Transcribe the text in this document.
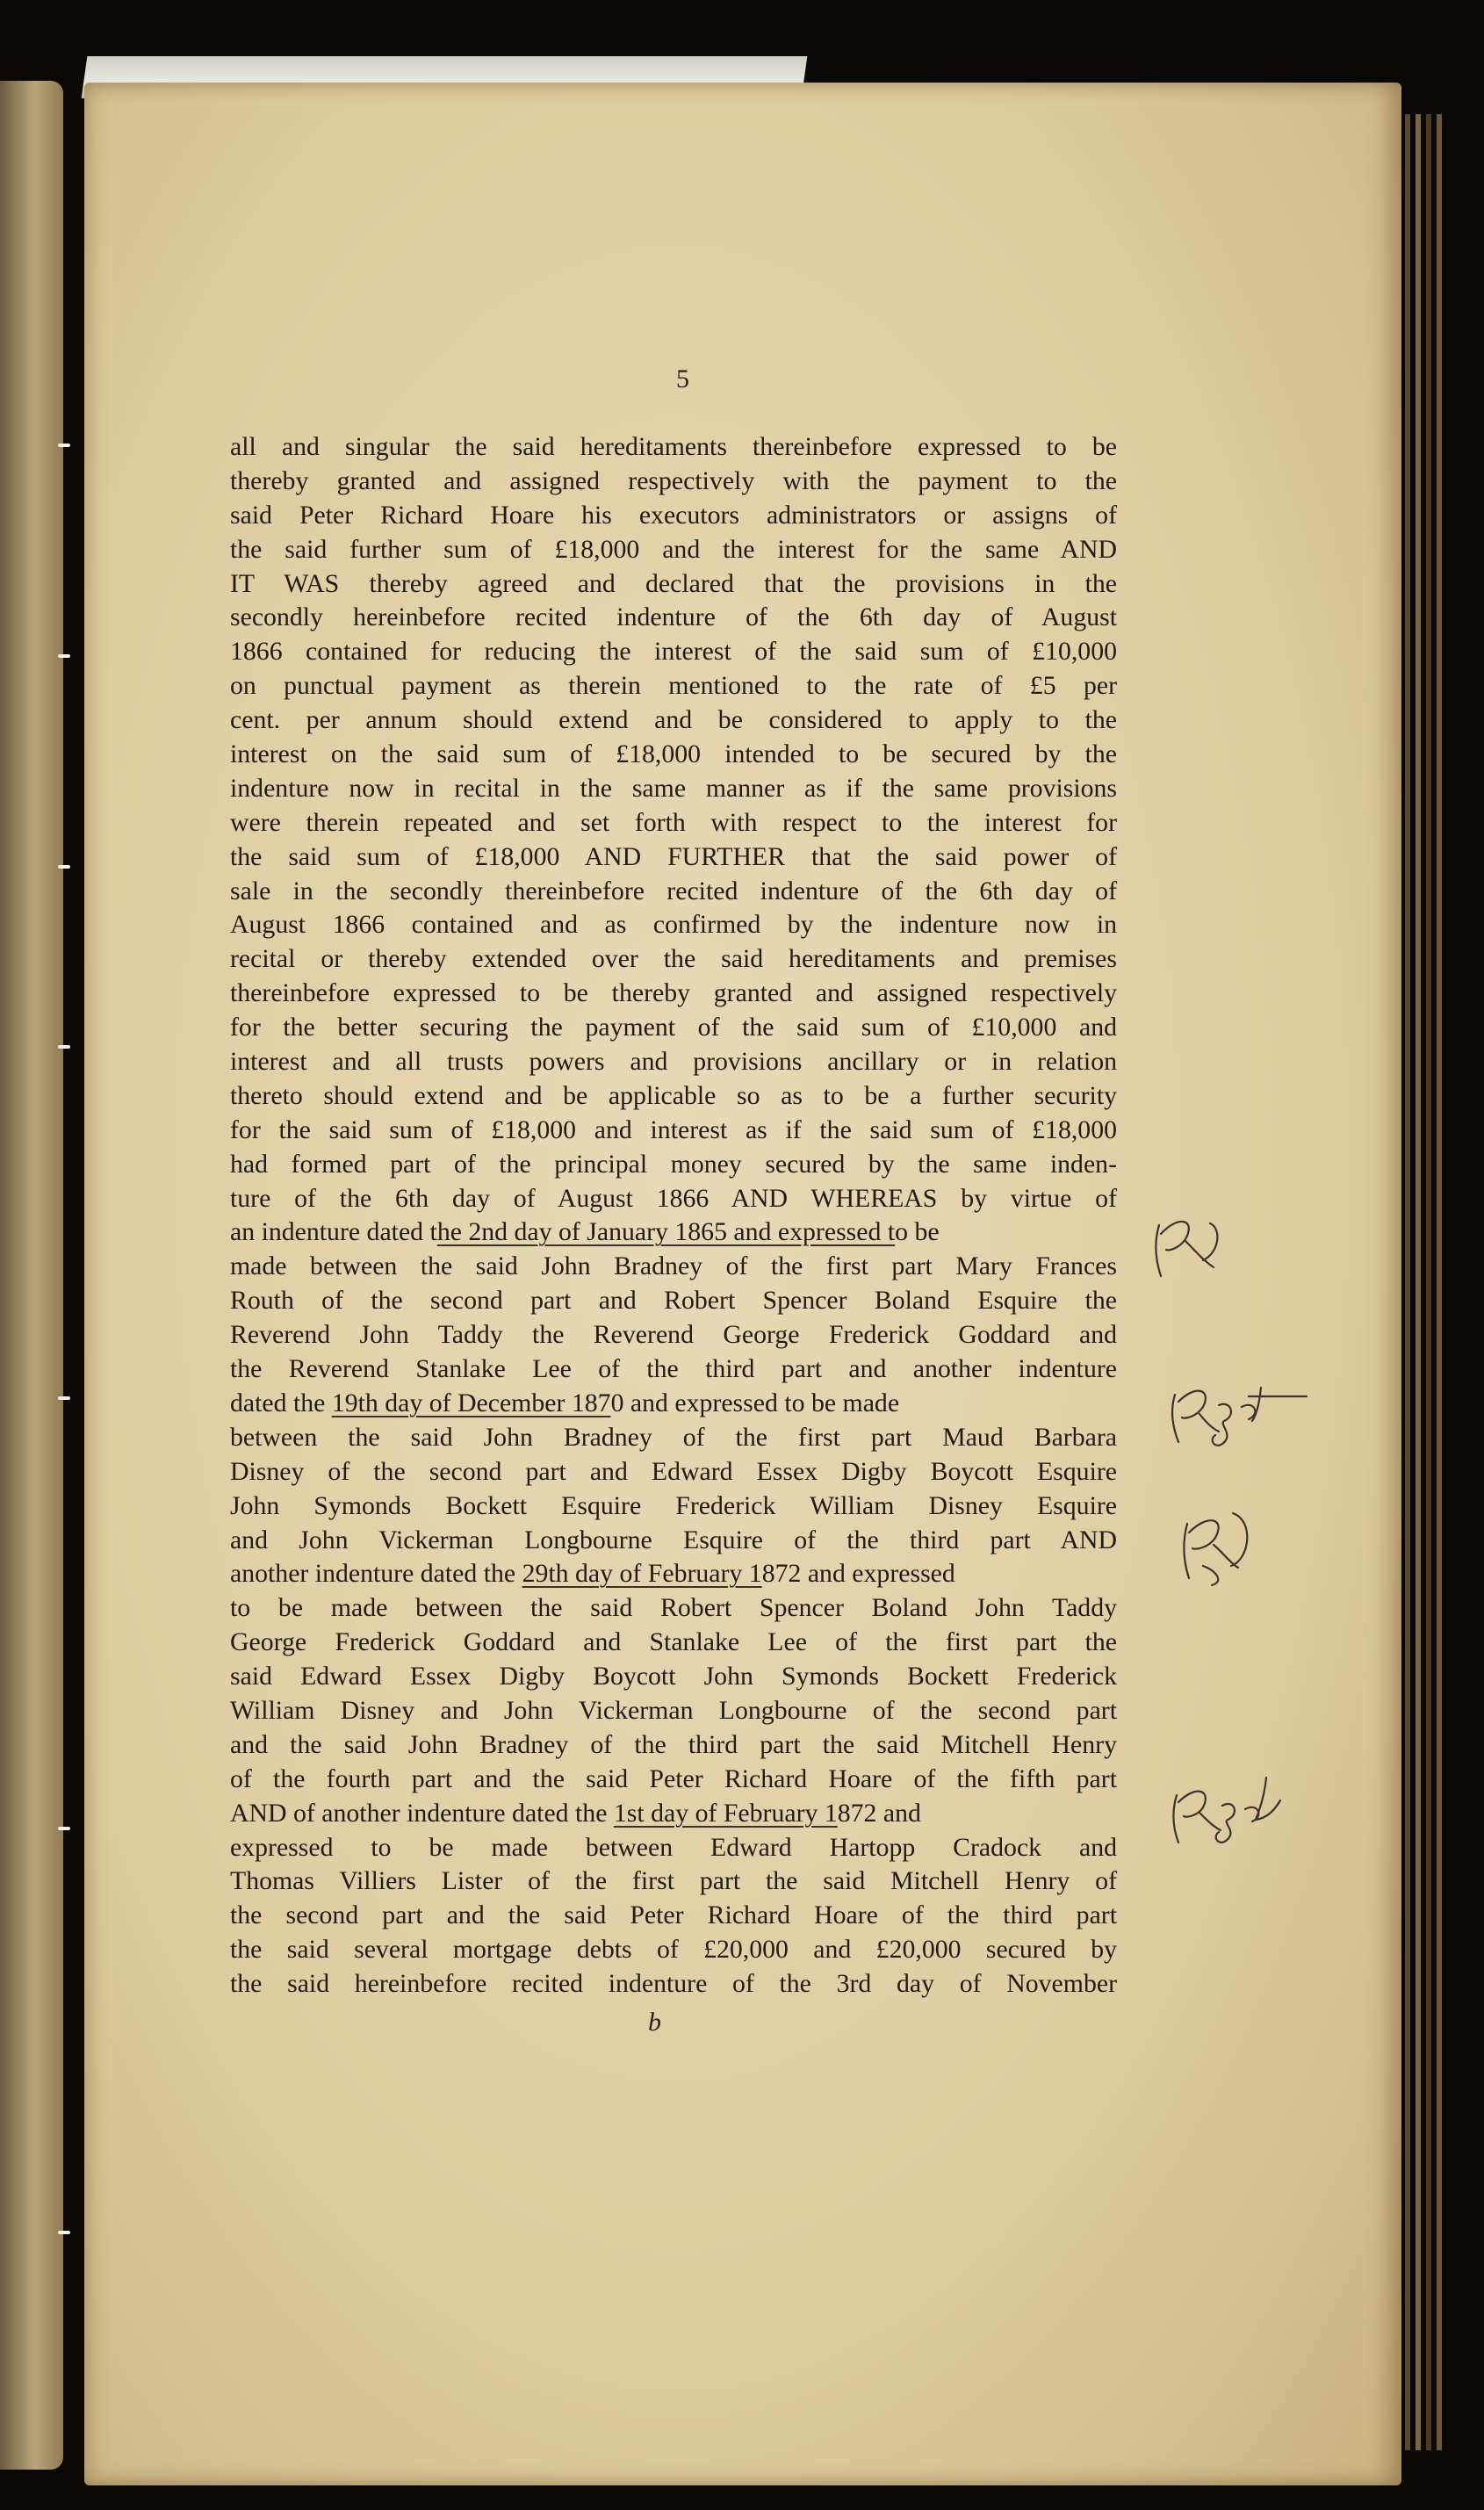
5
all and singular the said hereditaments thereinbefore expressed to be
thereby granted and assigned respectively with the payment to the
said Peter Richard Hoare his executors administrators or assigns of
the said further sum of £18,000 and the interest for the same AND
IT WAS thereby agreed and declared that the provisions in the
secondly hereinbefore recited indenture of the 6th day of August
1866 contained for reducing the interest of the said sum of £10,000
on punctual payment as therein mentioned to the rate of £5 per
cent. per annum should extend and be considered to apply to the
interest on the said sum of £18,000 intended to be secured by the
indenture now in recital in the same manner as if the same provisions
were therein repeated and set forth with respect to the interest for
the said sum of £18,000 AND FURTHER that the said power of
sale in the secondly thereinbefore recited indenture of the 6th day of
August 1866 contained and as confirmed by the indenture now in
recital or thereby extended over the said hereditaments and premises
thereinbefore expressed to be thereby granted and assigned respectively
for the better securing the payment of the said sum of £10,000 and
interest and all trusts powers and provisions ancillary or in relation
thereto should extend and be applicable so as to be a further security
for the said sum of £18,000 and interest as if the said sum of £18,000
had formed part of the principal money secured by the same inden-
ture of the 6th day of August 1866 AND WHEREAS by virtue of
an indenture dated the 2nd day of January 1865 and expressed to be
made between the said John Bradney of the first part Mary Frances
Routh of the second part and Robert Spencer Boland Esquire the
Reverend John Taddy the Reverend George Frederick Goddard and
the Reverend Stanlake Lee of the third part and another indenture
dated the 19th day of December 1870 and expressed to be made
between the said John Bradney of the first part Maud Barbara
Disney of the second part and Edward Essex Digby Boycott Esquire
John Symonds Bockett Esquire Frederick William Disney Esquire
and John Vickerman Longbourne Esquire of the third part AND
another indenture dated the 29th day of February 1872 and expressed
to be made between the said Robert Spencer Boland John Taddy
George Frederick Goddard and Stanlake Lee of the first part the
said Edward Essex Digby Boycott John Symonds Bockett Frederick
William Disney and John Vickerman Longbourne of the second part
and the said John Bradney of the third part the said Mitchell Henry
of the fourth part and the said Peter Richard Hoare of the fifth part
AND of another indenture dated the 1st day of February 1872 and
expressed to be made between Edward Hartopp Cradock and
Thomas Villiers Lister of the first part the said Mitchell Henry of
the second part and the said Peter Richard Hoare of the third part
the said several mortgage debts of £20,000 and £20,000 secured by
the said hereinbefore recited indenture of the 3rd day of November
b
